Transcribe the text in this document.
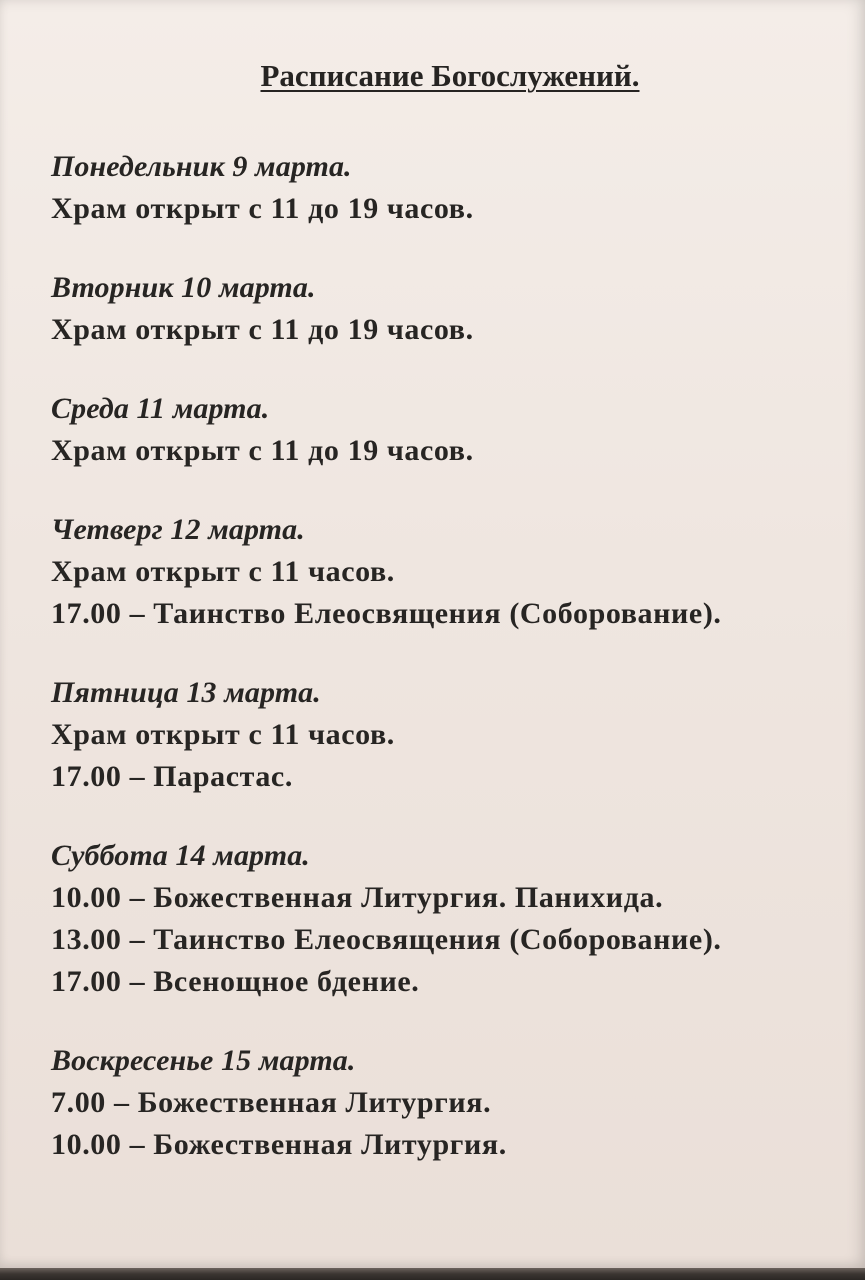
Расписание Богослужений.
Понедельник 9 марта.
Храм открыт с 11 до 19 часов.
Вторник 10 марта.
Храм открыт с 11 до 19 часов.
Среда 11 марта.
Храм открыт с 11 до 19 часов.
Четверг 12 марта.
Храм открыт с 11 часов.
17.00 – Таинство Елеосвящения (Соборование).
Пятница 13 марта.
Храм открыт с 11 часов.
17.00 – Парастас.
Суббота 14 марта.
10.00 – Божественная Литургия. Панихида.
13.00 – Таинство Елеосвящения (Соборование).
17.00 – Всенощное бдение.
Воскресенье 15 марта.
7.00 – Божественная Литургия.
10.00 – Божественная Литургия.
